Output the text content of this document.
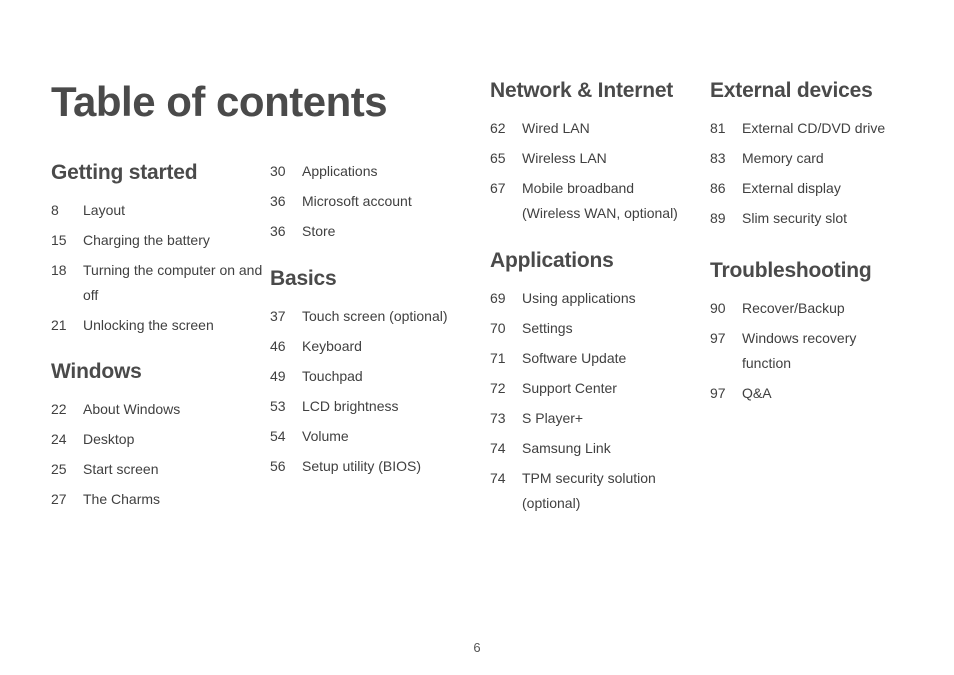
Table of contents
Getting started
8	Layout
15	Charging the battery
18	Turning the computer on and off
21	Unlocking the screen
Windows
22	About Windows
24	Desktop
25	Start screen
27	The Charms
30	Applications
36	Microsoft account
36	Store
Basics
37	Touch screen (optional)
46	Keyboard
49	Touchpad
53	LCD brightness
54	Volume
56	Setup utility (BIOS)
Network & Internet
62	Wired LAN
65	Wireless LAN
67	Mobile broadband (Wireless WAN, optional)
Applications
69	Using applications
70	Settings
71	Software Update
72	Support Center
73	S Player+
74	Samsung Link
74	TPM security solution (optional)
External devices
81	External CD/DVD drive
83	Memory card
86	External display
89	Slim security slot
Troubleshooting
90	Recover/Backup
97	Windows recovery function
97	Q&A
6
